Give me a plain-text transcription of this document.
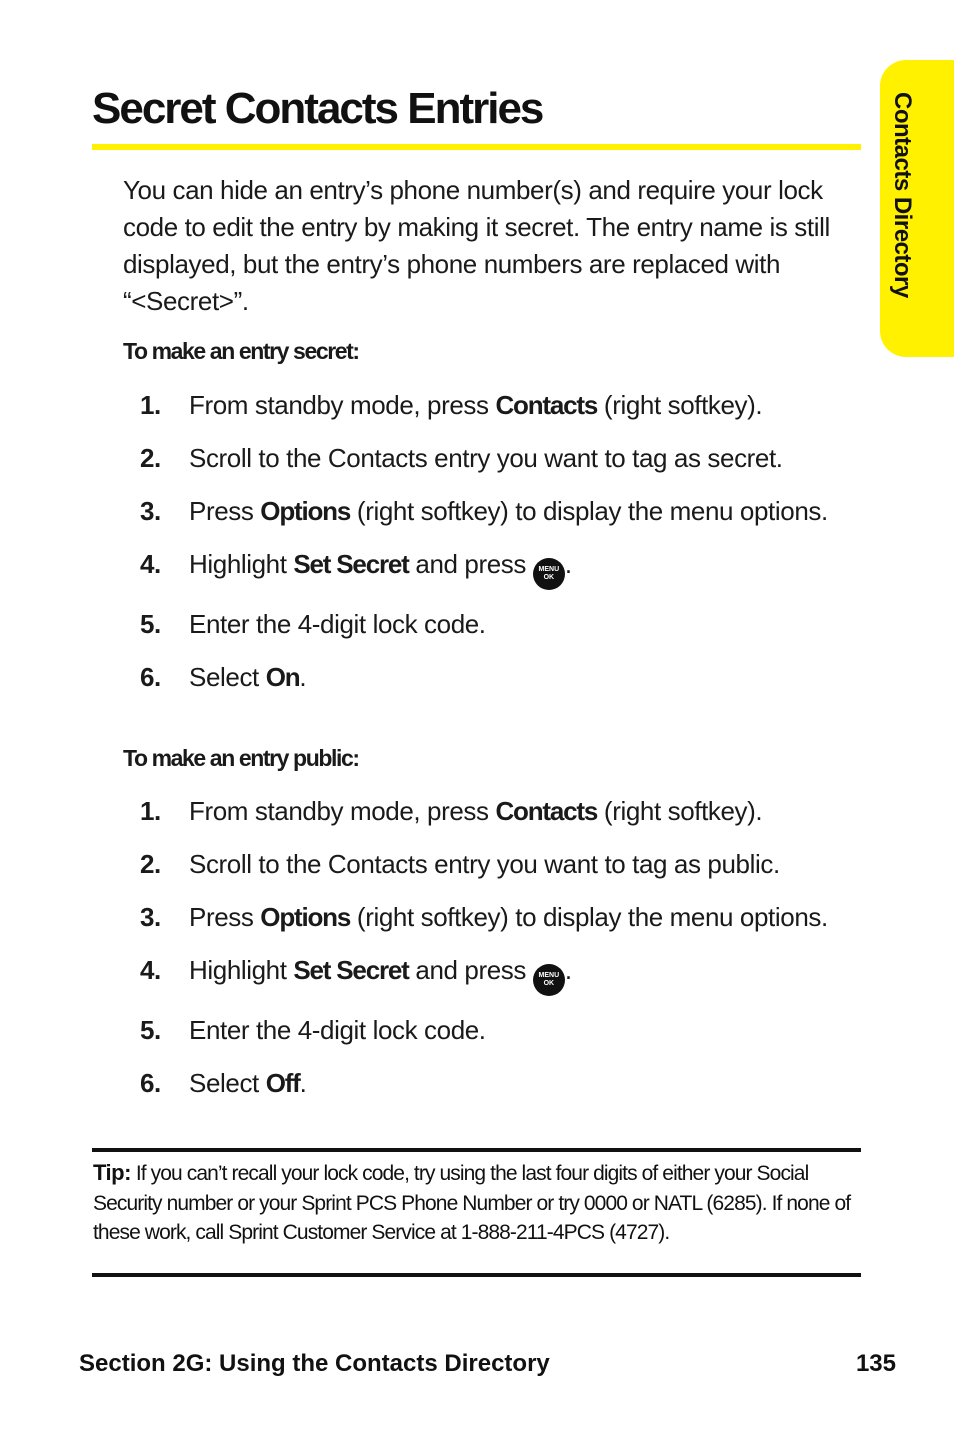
Contacts Directory
Secret Contacts Entries

You can hide an entry’s phone number(s) and require your lock code to edit the entry by making it secret. The entry name is still displayed, but the entry’s phone numbers are replaced with “<Secret>”.

To make an entry secret:

1.	From standby mode, press Contacts (right softkey).
2.	Scroll to the Contacts entry you want to tag as secret.
3.	Press Options (right softkey) to display the menu options.
4.	Highlight Set Secret and press MENU
OK .
5.	Enter the 4-digit lock code.
6.	Select On.

To make an entry public:

1.	From standby mode, press Contacts (right softkey).
2.	Scroll to the Contacts entry you want to tag as public.
3.	Press Options (right softkey) to display the menu options.
4.	Highlight Set Secret and press MENU
OK .
5.	Enter the 4-digit lock code.
6.	Select Off.

Tip: If you can’t recall your lock code, try using the last four digits of either your Social Security number or your Sprint PCS Phone Number or try 0000 or NATL (6285). If none of these work, call Sprint Customer Service at 1-888-211-4PCS (4727).

Section 2G: Using the Contacts Directory	135
